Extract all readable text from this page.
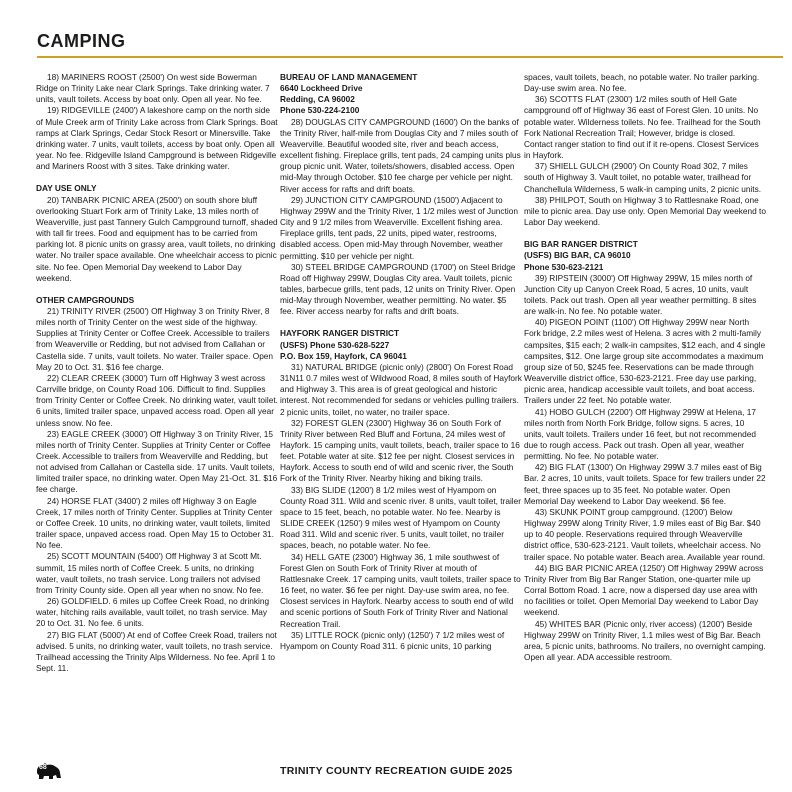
CAMPING

18) MARINERS ROOST (2500') On west side Bowerman Ridge on Trinity Lake near Clark Springs. Take drinking water. 7 units, vault toilets. Access by boat only. Open all year. No fee.

19) RIDGEVILLE (2400') A lakeshore camp on the north side of Mule Creek arm of Trinity Lake across from Clark Springs. Boat ramps at Clark Springs, Cedar Stock Resort or Minersville. Take drinking water. 7 units, vault toilets, access by boat only. Open all year. No fee. Ridgeville Island Campground is between Ridgeville and Mariners Roost with 3 sites. Take drinking water.

DAY USE ONLY

20) TANBARK PICNIC AREA (2500') on south shore bluff overlooking Stuart Fork arm of Trinity Lake, 13 miles north of Weaverville, just past Tannery Gulch Campground turnoff, shaded with tall fir trees. Food and equipment has to be carried from parking lot. 8 picnic units on grassy area, vault toilets, no drinking water. No trailer space available. One wheelchair access to picnic site. No fee. Open Memorial Day weekend to Labor Day weekend.

OTHER CAMPGROUNDS

21) TRINITY RIVER (2500') Off Highway 3 on Trinity River, 8 miles north of Trinity Center on the west side of the highway. Supplies at Trinity Center or Coffee Creek. Accessible to trailers from Weaverville or Redding, but not advised from Callahan or Castella side. 7 units, vault toilets. No water. Trailer space. Open May 20 to Oct. 31. $16 fee charge.

22) CLEAR CREEK (3000') Turn off Highway 3 west across Carrville bridge, on County Road 106. Difficult to find. Supplies from Trinity Center or Coffee Creek. No drinking water, vault toilet. 6 units, limited trailer space, unpaved access road. Open all year unless snow. No fee.

23) EAGLE CREEK (3000') Off Highway 3 on Trinity River, 15 miles north of Trinity Center. Supplies at Trinity Center or Coffee Creek. Accessible to trailers from Weaverville and Redding, but not advised from Callahan or Castella side. 17 units. Vault toilets, limited trailer space, no drinking water. Open May 21-Oct. 31. $16 fee charge.

24) HORSE FLAT (3400') 2 miles off Highway 3 on Eagle Creek, 17 miles north of Trinity Center. Supplies at Trinity Center or Coffee Creek. 10 units, no drinking water, vault toilets, limited trailer space, unpaved access road. Open May 15 to October 31. No fee.

25) SCOTT MOUNTAIN (5400') Off Highway 3 at Scott Mt. summit, 15 miles north of Coffee Creek. 5 units, no drinking water, vault toilets, no trash service. Long trailers not advised from Trinity County side. Open all year when no snow. No fee.

26) GOLDFIELD. 6 miles up Coffee Creek Road, no drinking water, hitching rails available, vault toilet, no trash service. May 20 to Oct. 31. No fee. 6 units.

27) BIG FLAT (5000') At end of Coffee Creek Road, trailers not advised. 5 units, no drinking water, vault toilets, no trash service. Trailhead accessing the Trinity Alps Wilderness. No fee. April 1 to Sept. 11.

BUREAU OF LAND MANAGEMENT

6640 Lockheed Drive

Redding, CA 96002

Phone 530-224-2100

28) DOUGLAS CITY CAMPGROUND (1600') On the banks of the Trinity River, half-mile from Douglas City and 7 miles south of Weaverville. Beautiful wooded site, river and beach access, excellent fishing. Fireplace grills, tent pads, 24 camping units plus group picnic unit. Water, toilets/showers, disabled access. Open mid-May through October. $10 fee charge per vehicle per night. River access for rafts and drift boats.

29) JUNCTION CITY CAMPGROUND (1500') Adjacent to Highway 299W and the Trinity River, 1 1/2 miles west of Junction City and 9 1/2 miles from Weaverville. Excellent fishing area. Fireplace grills, tent pads, 22 units, piped water, restrooms, disabled access. Open mid-May through November, weather permitting. $10 per vehicle per night.

30) STEEL BRIDGE CAMPGROUND (1700') on Steel Bridge Road off Highway 299W, Douglas City area. Vault toilets, picnic tables, barbecue grills, tent pads, 12 units on Trinity River. Open mid-May through November, weather permitting. No water. $5 fee. River access nearby for rafts and drift boats.

HAYFORK RANGER DISTRICT

(USFS) Phone 530-628-5227

P.O. Box 159, Hayfork, CA 96041

31) NATURAL BRIDGE (picnic only) (2800') On Forest Road 31N11 0.7 miles west of Wildwood Road, 8 miles south of Hayfork and Highway 3. This area is of great geological and historic interest. Not recommended for sedans or vehicles pulling trailers. 2 picnic units, toilet, no water, no trailer space.

32) FOREST GLEN (2300') Highway 36 on South Fork of Trinity River between Red Bluff and Fortuna, 24 miles west of Hayfork. 15 camping units, vault toilets, beach, trailer space to 16 feet. Potable water at site. $12 fee per night. Closest services in Hayfork. Access to south end of wild and scenic river, the South Fork of the Trinity River. Nearby hiking and biking trails.

33) BIG SLIDE (1200') 8 1/2 miles west of Hyampom on County Road 311. Wild and scenic river. 8 units, vault toilet, trailer space to 15 feet, beach, no potable water. No fee. Nearby is SLIDE CREEK (1250') 9 miles west of Hyampom on County Road 311. Wild and scenic river. 5 units, vault toilet, no trailer spaces, beach, no potable water. No fee.

34) HELL GATE (2300') Highway 36, 1 mile southwest of Forest Glen on South Fork of Trinity River at mouth of Rattlesnake Creek. 17 camping units, vault toilets, trailer space to 16 feet, no water. $6 fee per night. Day-use swim area, no fee. Closest services in Hayfork. Nearby access to south end of wild and scenic portions of South Fork of Trinity River and National Recreation Trail.

35) LITTLE ROCK (picnic only) (1250') 7 1/2 miles west of Hyampom on County Road 311. 6 picnic units, 10 parking

spaces, vault toilets, beach, no potable water. No trailer parking. Day-use swim area. No fee.

36) SCOTTS FLAT (2300') 1/2 miles south of Hell Gate campground off of Highway 36 east of Forest Glen. 10 units. No potable water. Wilderness toilets. No fee. Trailhead for the South Fork National Recreation Trail; However, bridge is closed. Contact ranger station to find out if it re-opens. Closest Services in Hayfork.

37) SHIELL GULCH (2900') On County Road 302, 7 miles south of Highway 3. Vault toilet, no potable water, trailhead for Chanchellula Wilderness, 5 walk-in camping units, 2 picnic units.

38) PHILPOT, South on Highway 3 to Rattlesnake Road, one mile to picnic area. Day use only. Open Memorial Day weekend to Labor Day weekend.

BIG BAR RANGER DISTRICT

(USFS) BIG BAR, CA 96010

Phone 530-623-2121

39) RIPSTEIN (3000') Off Highway 299W, 15 miles north of Junction City up Canyon Creek Road, 5 acres, 10 units, vault toilets. Pack out trash. Open all year weather permitting. 8 sites are walk-in. No fee. No potable water.

40) PIGEON POINT (1100') Off Highway 299W near North Fork bridge, 2.2 miles west of Helena. 3 acres with 2 multi-family campsites, $15 each; 2 walk-in campsites, $12 each, and 4 single campsites, $12. One large group site accommodates a maximum group size of 50, $245 fee. Reservations can be made through Weaverville district office, 530-623-2121. Free day use parking, picnic area, handicap accessible vault toilets, and boat access. Trailers under 22 feet. No potable water.

41) HOBO GULCH (2200') Off Highway 299W at Helena, 17 miles north from North Fork Bridge, follow signs. 5 acres, 10 units, vault toilets. Trailers under 16 feet, but not recommended due to rough access. Pack out trash. Open all year, weather permitting. No fee. No potable water.

42) BIG FLAT (1300') On Highway 299W 3.7 miles east of Big Bar. 2 acres, 10 units, vault toilets. Space for few trailers under 22 feet, three spaces up to 35 feet. No potable water. Open Memorial Day weekend to Labor Day weekend. $6 fee.

43) SKUNK POINT group campground. (1200') Below Highway 299W along Trinity River, 1.9 miles east of Big Bar. $40 up to 40 people. Reservations required through Weaverville district office, 530-623-2121. Vault toilets, wheelchair access. No trailer space. No potable water. Beach area. Available year round.

44) BIG BAR PICNIC AREA (1250') Off Highway 299W across Trinity River from Big Bar Ranger Station, one-quarter mile up Corral Bottom Road. 1 acre, now a dispersed day use area with no facilities or toilet. Open Memorial Day weekend to Labor Day weekend.

45) WHITES BAR (Picnic only, river access) (1200') Beside Highway 299W on Trinity River, 1.1 miles west of Big Bar. Beach area, 5 picnic units, bathrooms. No trailers, no overnight camping. Open all year. ADA accessible restroom.

68	TRINITY COUNTY RECREATION GUIDE 2025
